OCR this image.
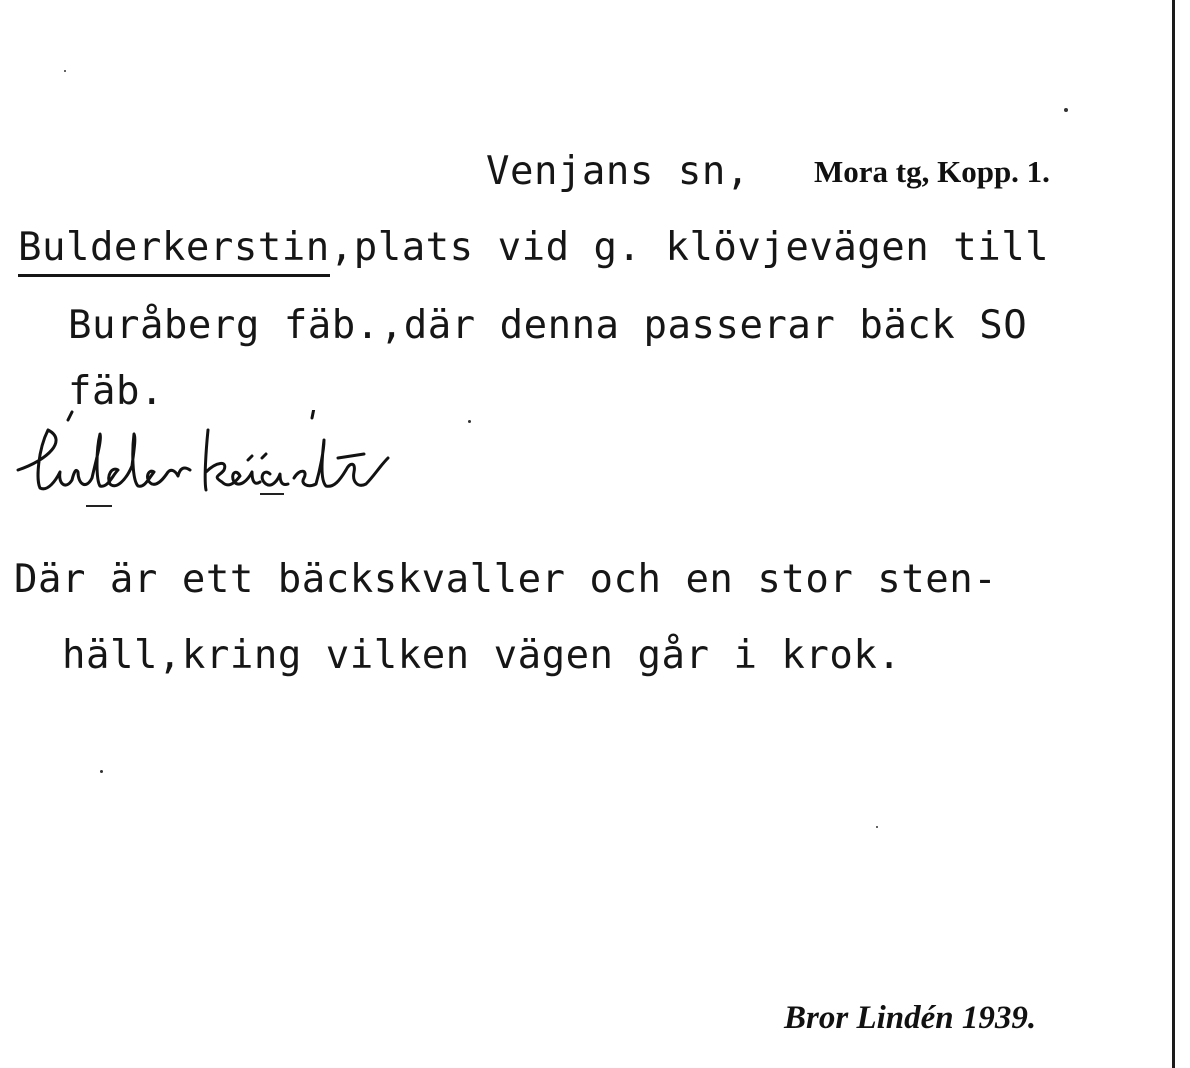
Venjans sn, Mora tg, Kopp. 1.
Bulderkerstin,plats vid g. klövjevägen till
Buråberg fäb.,där denna passerar bäck SO
fäb.
Där är ett bäckskvaller och en stor sten-
häll,kring vilken vägen går i krok.
Bror Lindén 1939.
